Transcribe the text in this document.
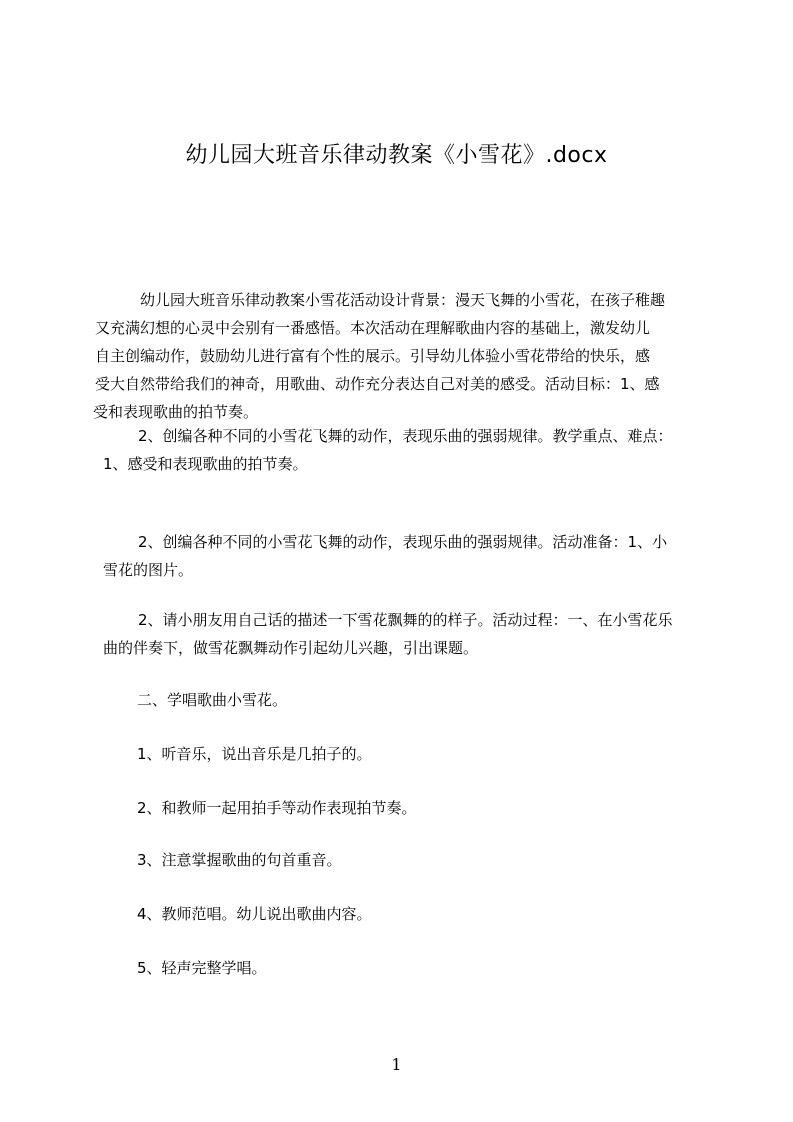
幼儿园大班音乐律动教案《小雪花》.docx

幼儿园大班音乐律动教案小雪花活动设计背景：漫天飞舞的小雪花，在孩子稚趣
又充满幻想的心灵中会别有一番感悟。本次活动在理解歌曲内容的基础上，激发幼儿
自主创编动作，鼓励幼儿进行富有个性的展示。引导幼儿体验小雪花带给的快乐，感
受大自然带给我们的神奇，用歌曲、动作充分表达自己对美的感受。活动目标：1、感
受和表现歌曲的拍节奏。

2、创编各种不同的小雪花飞舞的动作，表现乐曲的强弱规律。教学重点、难点：
1、感受和表现歌曲的拍节奏。

2、创编各种不同的小雪花飞舞的动作，表现乐曲的强弱规律。活动准备：1、小
雪花的图片。

2、请小朋友用自己话的描述一下雪花飘舞的的样子。活动过程：一、在小雪花乐
曲的伴奏下，做雪花飘舞动作引起幼儿兴趣，引出课题。

二、学唱歌曲小雪花。

1、听音乐，说出音乐是几拍子的。

2、和教师一起用拍手等动作表现拍节奏。

3、注意掌握歌曲的句首重音。

4、教师范唱。幼儿说出歌曲内容。

5、轻声完整学唱。

1
